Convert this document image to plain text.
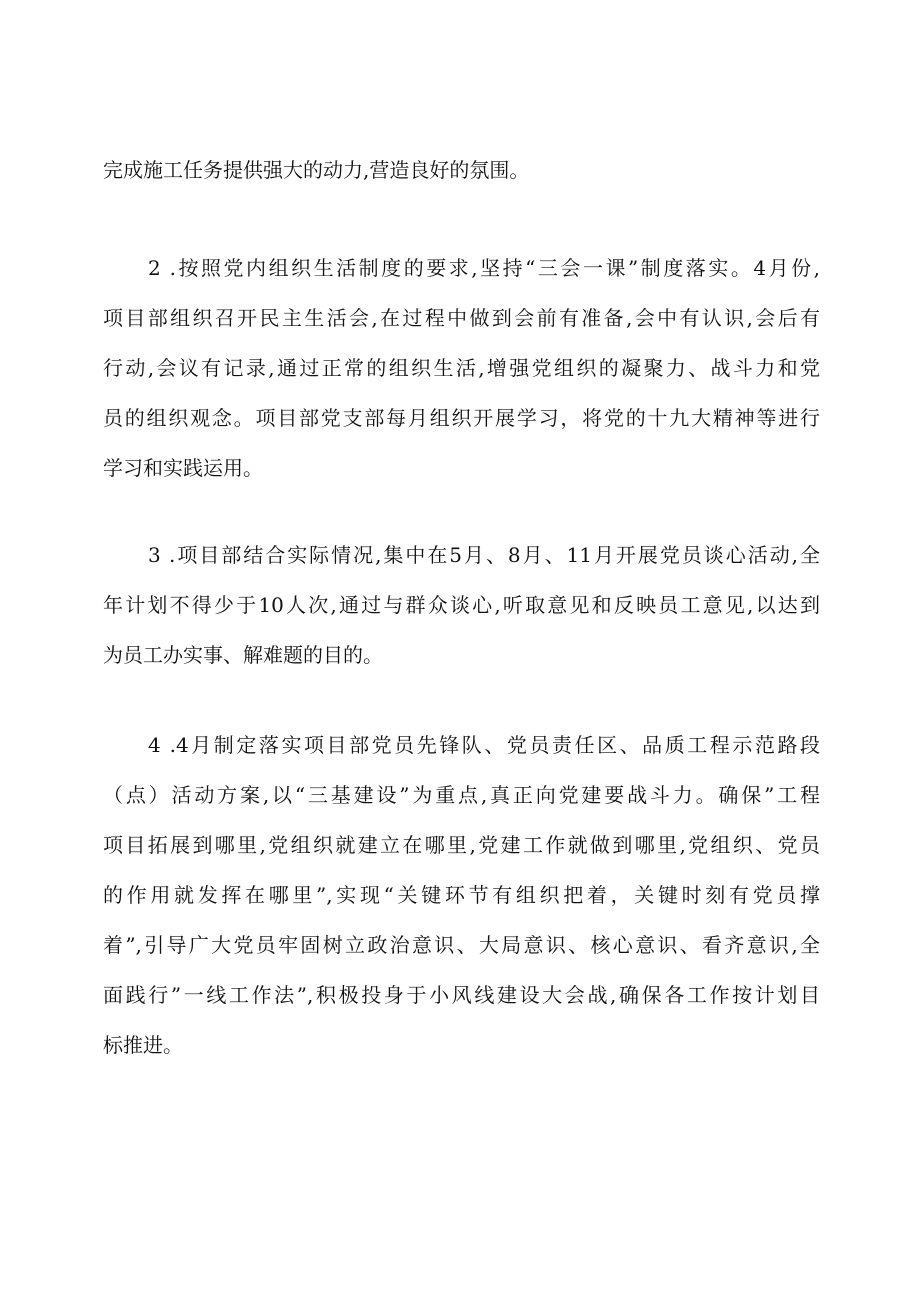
完成施工任务提供强大的动力,营造良好的氛围。
2 .按照党内组织生活制度的要求,坚持“三会一课”制度落实。4月份,
项目部组织召开民主生活会,在过程中做到会前有准备,会中有认识,会后有
行动,会议有记录,通过正常的组织生活,增强党组织的凝聚力、战斗力和党
员的组织观念。项目部党支部每月组织开展学习，将党的十九大精神等进行
学习和实践运用。
3 .项目部结合实际情况,集中在5月、8月、11月开展党员谈心活动,全
年计划不得少于10人次,通过与群众谈心,听取意见和反映员工意见,以达到
为员工办实事、解难题的目的。
4 .4月制定落实项目部党员先锋队、党员责任区、品质工程示范路段
（点）活动方案,以“三基建设”为重点,真正向党建要战斗力。确保”工程
项目拓展到哪里,党组织就建立在哪里,党建工作就做到哪里,党组织、党员
的作用就发挥在哪里”,实现“关键环节有组织把着，关键时刻有党员撑
着”,引导广大党员牢固树立政治意识、大局意识、核心意识、看齐意识,全
面践行”一线工作法”,积极投身于小风线建设大会战,确保各工作按计划目
标推进。
